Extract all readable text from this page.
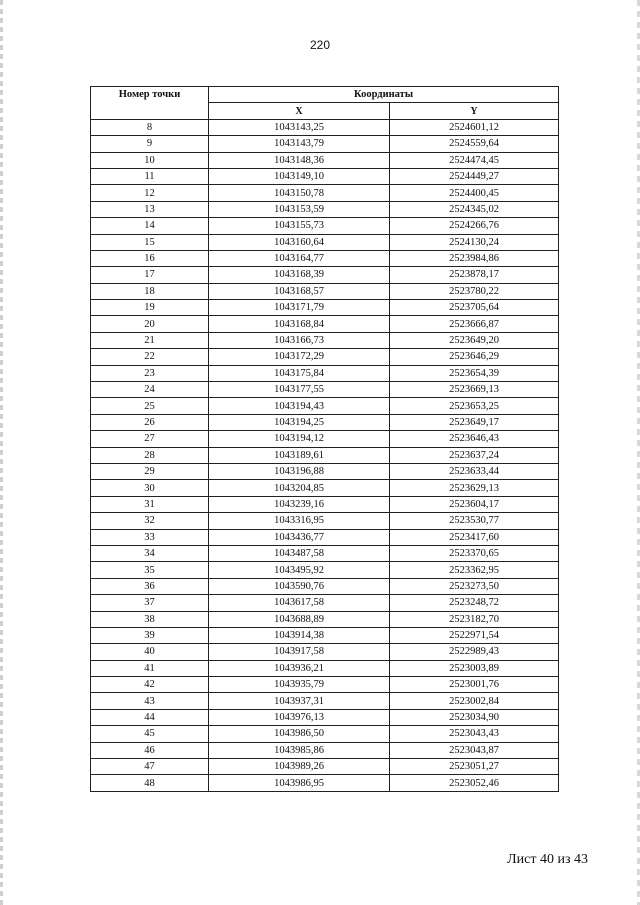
220
Номер точки	Координаты	
	X	Y
8	1043143,25	2524601,12
9	1043143,79	2524559,64
10	1043148,36	2524474,45
11	1043149,10	2524449,27
12	1043150,78	2524400,45
13	1043153,59	2524345,02
14	1043155,73	2524266,76
15	1043160,64	2524130,24
16	1043164,77	2523984,86
17	1043168,39	2523878,17
18	1043168,57	2523780,22
19	1043171,79	2523705,64
20	1043168,84	2523666,87
21	1043166,73	2523649,20
22	1043172,29	2523646,29
23	1043175,84	2523654,39
24	1043177,55	2523669,13
25	1043194,43	2523653,25
26	1043194,25	2523649,17
27	1043194,12	2523646,43
28	1043189,61	2523637,24
29	1043196,88	2523633,44
30	1043204,85	2523629,13
31	1043239,16	2523604,17
32	1043316,95	2523530,77
33	1043436,77	2523417,60
34	1043487,58	2523370,65
35	1043495,92	2523362,95
36	1043590,76	2523273,50
37	1043617,58	2523248,72
38	1043688,89	2523182,70
39	1043914,38	2522971,54
40	1043917,58	2522989,43
41	1043936,21	2523003,89
42	1043935,79	2523001,76
43	1043937,31	2523002,84
44	1043976,13	2523034,90
45	1043986,50	2523043,43
46	1043985,86	2523043,87
47	1043989,26	2523051,27
48	1043986,95	2523052,46
Лист 40 из 43
